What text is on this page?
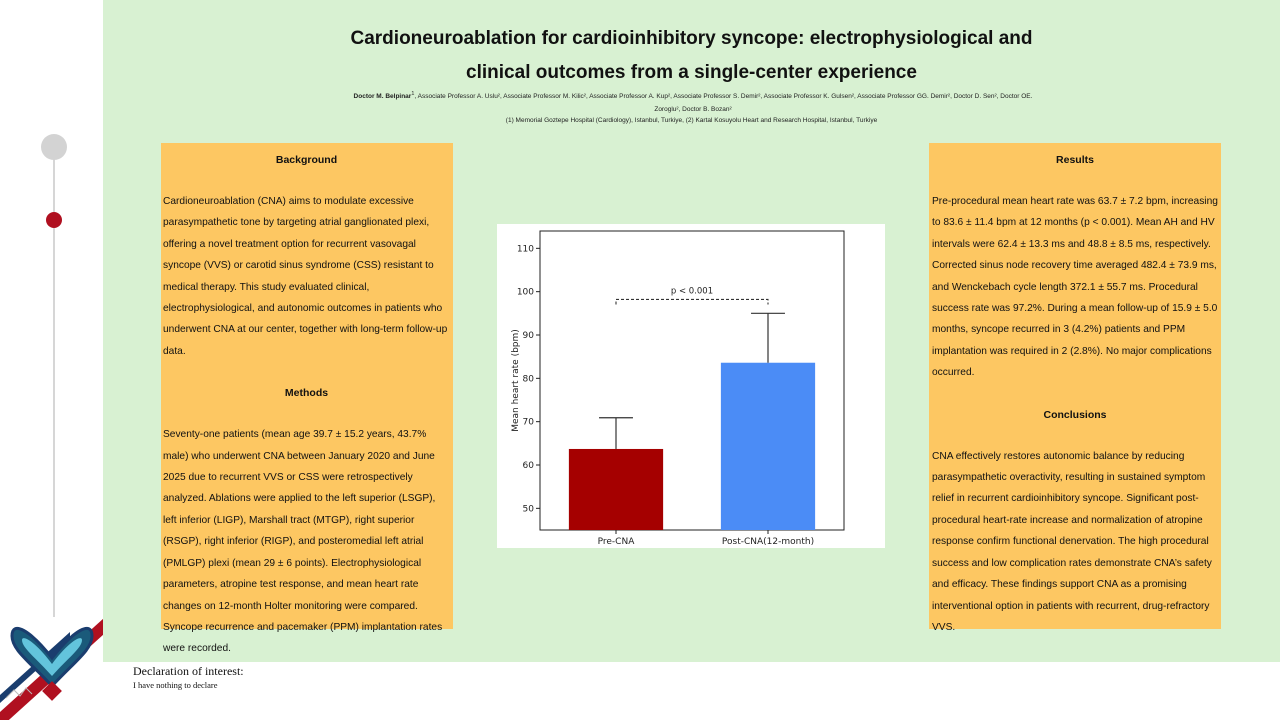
Cardioneuroablation for cardioinhibitory syncope: electrophysiological and
clinical outcomes from a single-center experience
Doctor M. Belpinar$^1$, Associate Professor A. Uslu², Associate Professor M. Kilic², Associate Professor A. Kup², Associate Professor S. Demir², Associate Professor K. Gulsen², Associate Professor GG. Demir², Doctor D. Sen², Doctor OE. Zoroglu², Doctor B. Bozan²
(1) Memorial Goztepe Hospital (Cardiology), Istanbul, Turkiye, (2) Kartal Kosuyolu Heart and Research Hospital, Istanbul, Turkiye
Background

Cardioneuroablation (CNA) aims to modulate excessive parasympathetic tone by targeting atrial ganglionated plexi, offering a novel treatment option for recurrent vasovagal syncope (VVS) or carotid sinus syndrome (CSS) resistant to medical therapy. This study evaluated clinical, electrophysiological, and autonomic outcomes in patients who underwent CNA at our center, together with long-term follow-up data.

Methods

Seventy-one patients (mean age 39.7 ± 15.2 years, 43.7% male) who underwent CNA between January 2020 and June 2025 due to recurrent VVS or CSS were retrospectively analyzed. Ablations were applied to the left superior (LSGP), left inferior (LIGP), Marshall tract (MTGP), right superior (RSGP), right inferior (RIGP), and posteromedial left atrial (PMLGP) plexi (mean 29 ± 6 points). Electrophysiological parameters, atropine test response, and mean heart rate changes on 12-month Holter monitoring were compared. Syncope recurrence and pacemaker (PPM) implantation rates were recorded.

50
60
70
80
90
100
110
Mean heart rate (bpm)
Pre-CNA	Post-CNA(12-month)
p < 0.001
Results

Pre-procedural mean heart rate was 63.7 ± 7.2 bpm, increasing to 83.6 ± 11.4 bpm at 12 months (p < 0.001). Mean AH and HV intervals were 62.4 ± 13.3 ms and 48.8 ± 8.5 ms, respectively. Corrected sinus node recovery time averaged 482.4 ± 73.9 ms, and Wenckebach cycle length 372.1 ± 55.7 ms. Procedural success rate was 97.2%. During a mean follow-up of 15.9 ± 5.0 months, syncope recurred in 3 (4.2%) patients and PPM implantation was required in 2 (2.8%). No major complications occurred.

Conclusions

CNA effectively restores autonomic balance by reducing parasympathetic overactivity, resulting in sustained symptom relief in recurrent cardioinhibitory syncope. Significant post-procedural heart-rate increase and normalization of atropine response confirm functional denervation. The high procedural success and low complication rates demonstrate CNA’s safety and efficacy. These findings support CNA as a promising interventional option in patients with recurrent, drug-refractory VVS.

Declaration of interest:
I have nothing to declare
